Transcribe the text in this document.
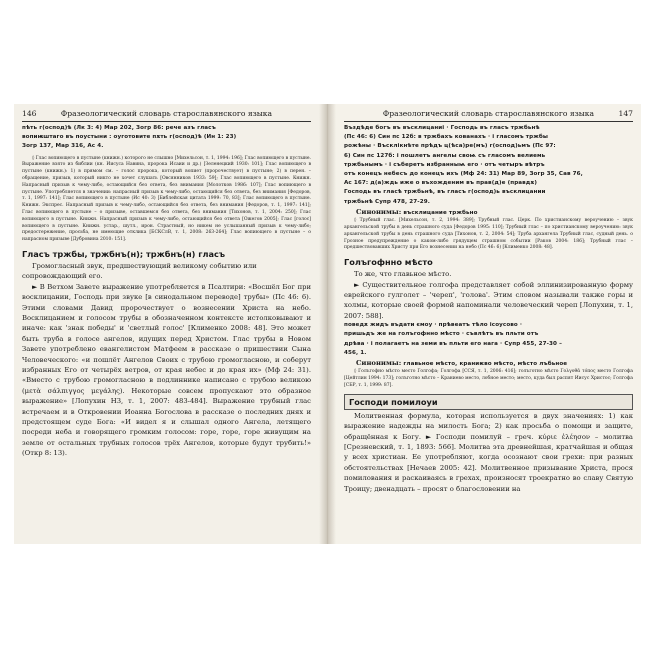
146	Фразеологический словарь старославянского языка

пѣть г(оспод)ѣ (Лк 3: 4) Мар 202, Зогр 86: рече азъ гласъ

вопиѭштаго въ поустыни : оуготовите пѫть г(оспод)ѣ (Ин 1: 23)

Зогр 137, Мар 316, Ас 4.

◊ Глас вопиющего в пустыне (книжн.) которого не слышно [Михельсон, т. 1, 1994: 196]; Глас вопиющего в пустыне. Выражение взято из библии (кн. Иисуса Навина, пророка Исаии и др.) [Зеленецкий 1930: 101]; Глас вопиющего в пустыне (книжн.): 1) в прямом см. – голос пророка, который вопиет (пророчествует) в пустыне; 2) в перен. – обращение, призыв, который никто не хочет слушать [Овсянников 1933: 59]; Глас вопиющего в пустыне. Книжн. Напрасный призыв к чему-либо, остающийся без ответа, без внимания [Молотков 1986: 107]; Глас вопиющего в пустыне. Употребляется в значении: напрасный призыв к чему-либо, остающийся без ответа, без внимания [Федоров, т. 1, 1997: 141]; Глас вопиющего в пустыне (Ис 40: 3) [Библейская цитата 1999: 70, 83]; Глас вопиющего в пустыне. Книжн. Экспрес. Напрасный призыв к чему-либо, остающийся без ответа, без внимания [Федоров, т. 1, 1997: 141]; Глас вопиющего в пустыне – о призыве, оставшемся без ответа, без внимания [Тихонов, т. 1, 2004: 250]; Глас вопиющего в пустыне. Книжн. Напрасный призыв к чему-либо, остающийся без ответа [Ожегов 2005]; Глас [голос] вопиющего в пустыне. Книжн. устар., шутл., ирон. Страстный, но никем не услышанный призыв к чему-либо; предостережение, просьба, не имеющие отклика [БСКСлВ, т. 1, 2008: 263-264]; Глас вопиющего в пустыне – о напрасном призыве [Дубровина 2010: 151].

Гласъ тржбы, тржбнъ(н); тржбнъ(н) гласъ

Громогласный звук, предшествующий великому событию или

сопровождающий его.

► В Ветхом Завете выражение употребляется в Псалтири: «Восшёл Бог при восклицании, Господь при звуке [в синодальном переводе] трубы» (Пс 46: 6). Этими словами Давид пророчествует о вознесении Христа на небо. Восклицанием и голосом трубы в обозначенном контексте истолковывают и иначе: как 'знак победы' и 'светлый голос' [Клименко 2008: 48]. Это может быть труба в голосе ангелов, идущих перед Христом. Глас трубы в Новом Завете употреблено евангелистом Матфеем в рассказе о пришествии Сына Человеческого: «и пошлёт Ангелов Своих с трубою громогласною, и соберут избранных Его от четырёх ветров, от края небес и до края их» (Мф 24: 31). «Вместо с трубою громогласною в подлиннике написано с трубою великою (μετὰ σάλπιγγος μεγάλης). Некоторые совсем пропускают это образное выражение» [Лопухин Н3, т. 1, 2007: 483-484]. Выражение трубный глас встречаем и в Откровении Иоанна Богослова в рассказе о последних днях и предстоящем суде Бога: «И видел я и слышал одного Ангела, летящего посреди неба и говорящего громким голосом: горе, горе, горе живущим на земле от остальных трубных голосов трёх Ангелов, которые будут трубить!» (Откр 8: 13).

Фразеологический словарь старославянского языка	147

Въздѣде богъ въ въсклицаниі · Господь въ гласъ тржбьнѣ

(Пс 46: 6) Син пс 12б: в тржбахъ кованахъ · і гласомъ тржбы

рожѣны · Въсклікнѣте прѣдъ ц(ѣса)ре(мъ) г(оспод)ьмъ (Пс 97:

6) Син пс 127б: і пошлетъ ангелы своѩ съ гласомъ велиемь

тржбьнымъ · і съберетъ избранныѩ его · отъ четыръ вѣтръ

отъ конецъ небесъ до конецъ ихъ (Мф 24: 31) Мар 89, Зогр 35, Сав 76,

Ас 167: д(а)ждь иже о въхожденим въ прав(д)е (правдѫ)

Господь въ гласѣ тржбьнѣ, въ гласъ г(оспод)ь въсклицании

тржбьнѣ Супр 478, 27-29.

Синонимы: въсклицание тржбьно

◊ Трубный глас. [Михельсон, т. 2, 1994: 389]; Трубный глас. Церк. По христианскому вероучению – звук архангельской трубы в день страшного суда [Федоров 1995: 110]; Трубный глас – по христианскому вероучению: звук архангельской трубы в день страшного суда [Тихонов, т. 2, 2004: 54]; Труба архангела Трубный глас, судный день. о Грозное предупреждение о каком-либо грядущем страшном событии [Раков 2004: 186]; Трубный глас – предшествовавших Христу при Его вознесении на небо (Пс 46: 6) [Клименко 2008: 48].

Голъгофнно мѣсто

То же, что главьное мѣсто.

► Существительное голгофа представляет собой эллинизированную форму еврейского гулголет – 'череп', 'голова'. Этим словом называли также горы и холмы, которые своей формой напоминали человеческий череп [Лопухин, т. 1, 2007: 588].

поведѫ жидъ въдати ємоу · прѣвеатъ тѣло ісоусово ·

пришьдъ же на голъгофнно мѣсто · съвлѣтъ въ пльти отъ

дрѣва · і полагаетъ на земи въ пльти его нага · Супр 455, 27-30 –

456, 1.

Синонимы: главьное мѣсто, краниѥво мѣсто, мѣсто лъбьное

◊ Голъгофно мѣсто место Голгофа; Голгофа [ССЯ, т. 1, 2006: 416]; голъготно мѣсто Γολγοθᾶ τόπος место Голгофа [Цейтлин 1994: 173]; голъготно мѣсто – Краниево место, лобное место; место, куда был распят Иисус Христос; Голгофа [СБР, т. 1, 1999: 87].

Господи помилоуи

Молитвенная формула, которая используется в двух значениях: 1) как выражение надежды на милость Бога; 2) как просьба о помощи и защите, обращённая к Богу. ► Господи помилуй – греч. κύριε ἐλέησον – молитва [Срезневский, т. 1, 1893: 566]. Молитва эта древнейшая, кратчайшая и общая у всех христиан. Ее употребляют, когда осознают свои грехи: при разных обстоятельствах [Нечаев 2005: 42]. Молитвенное призывание Христа, прося помилования и раскаиваясь в грехах, произносят троекратно во славу Святую Троицу; двенадцать – просят о благословении на
